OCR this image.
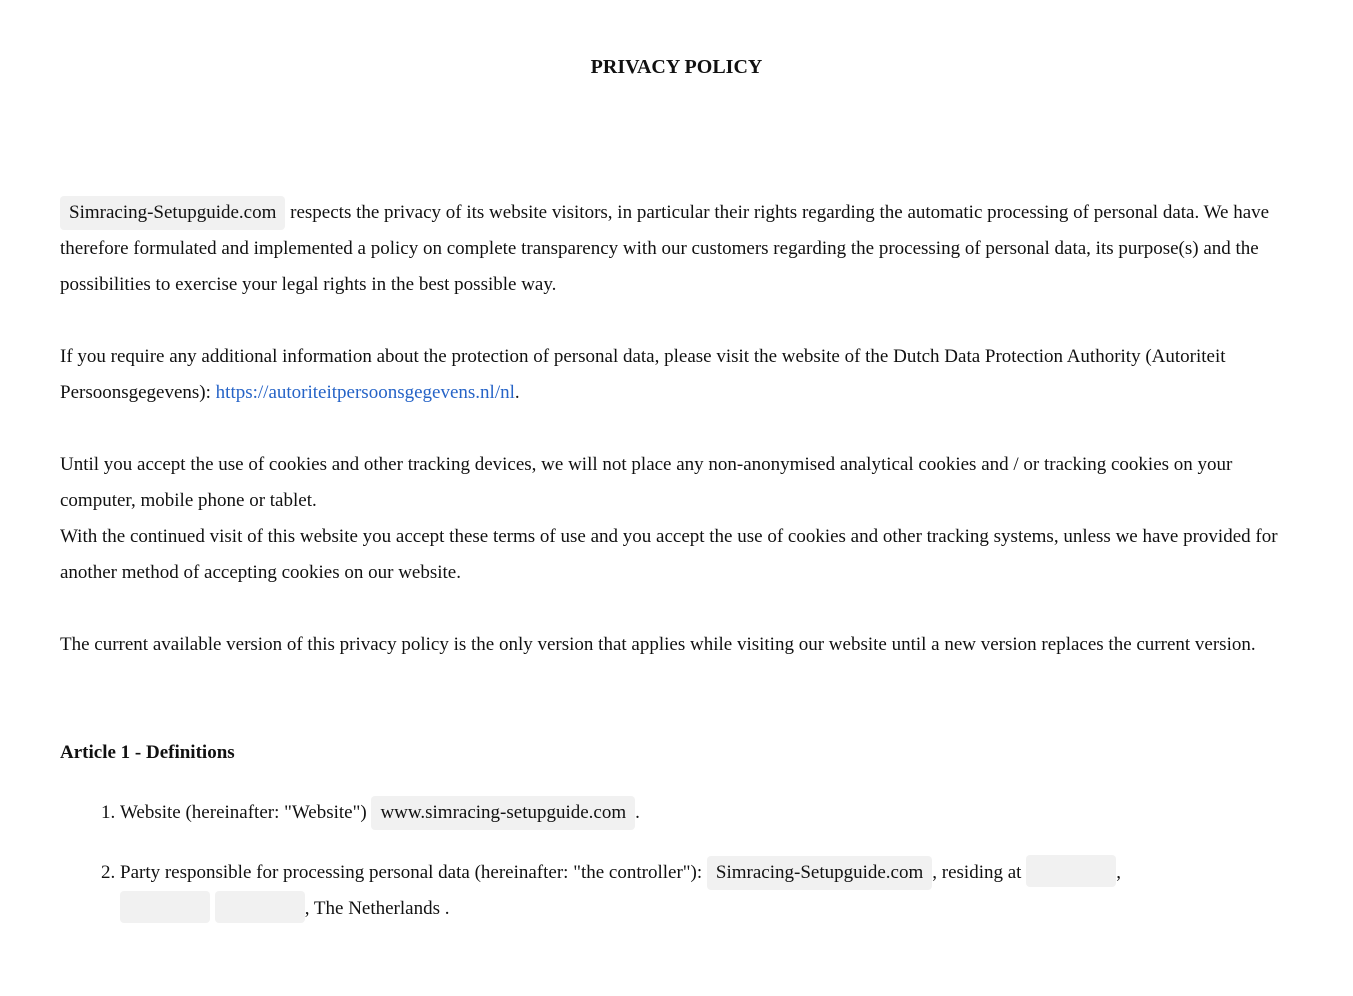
PRIVACY POLICY

Simracing-Setupguide.com respects the privacy of its website visitors, in particular their rights regarding the automatic processing of personal data. We have therefore formulated and implemented a policy on complete transparency with our customers regarding the processing of personal data, its purpose(s) and the possibilities to exercise your legal rights in the best possible way.

If you require any additional information about the protection of personal data, please visit the website of the Dutch Data Protection Authority (Autoriteit Persoonsgegevens): https://autoriteitpersoonsgegevens.nl/nl.

Until you accept the use of cookies and other tracking devices, we will not place any non-anonymised analytical cookies and / or tracking cookies on your computer, mobile phone or tablet.

With the continued visit of this website you accept these terms of use and you accept the use of cookies and other tracking systems, unless we have provided for another method of accepting cookies on our website.

The current available version of this privacy policy is the only version that applies while visiting our website until a new version replaces the current version.

Article 1 - Definitions
1. Website (hereinafter: "Website") www.simracing-setupguide.com .
2. Party responsible for processing personal data (hereinafter: "the controller"): Simracing-Setupguide.com , residing at	,
, The Netherlands .
